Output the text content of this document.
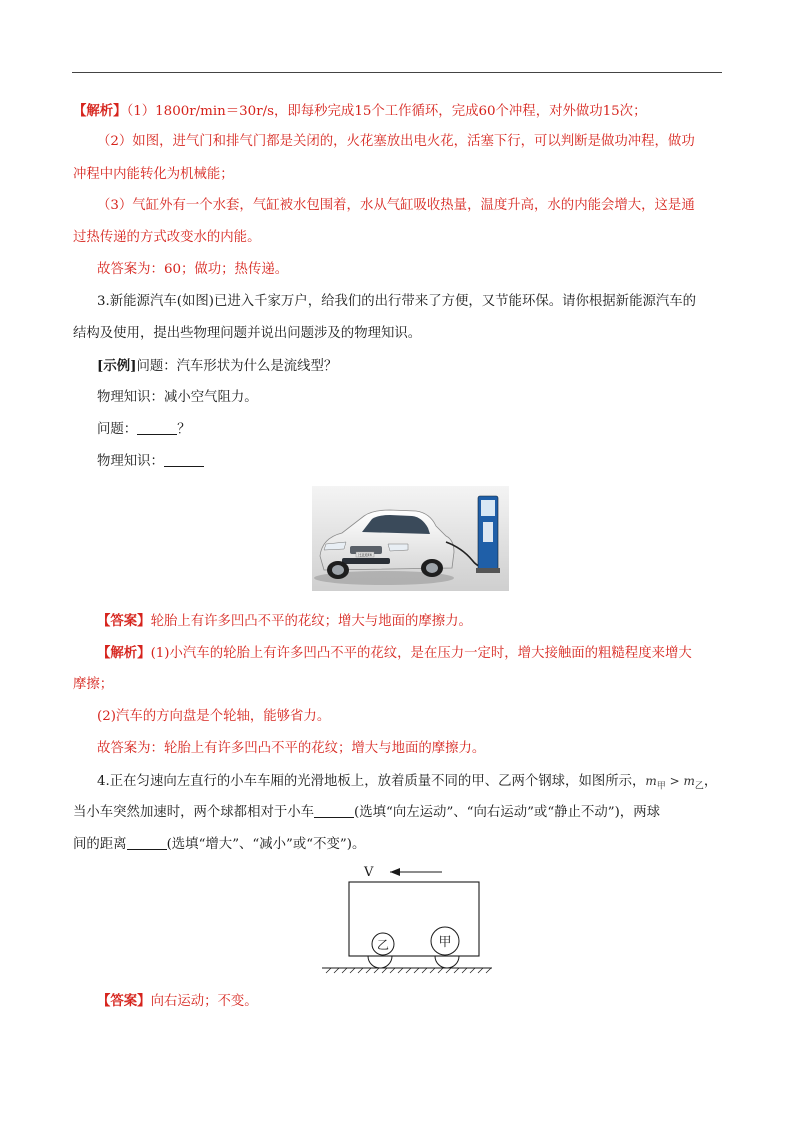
【解析】（1）1800r/min＝30r/s，即每秒完成15个工作循环，完成60个冲程，对外做功15次；
（2）如图，进气门和排气门都是关闭的，火花塞放出电火花，活塞下行，可以判断是做功冲程，做功
冲程中内能转化为机械能；
（3）气缸外有一个水套，气缸被水包围着，水从气缸吸收热量，温度升高，水的内能会增大，这是通
过热传递的方式改变水的内能。
故答案为：60；做功；热传递。
3.新能源汽车(如图)已进入千家万户，给我们的出行带来了方便，又节能环保。请你根据新能源汽车的
结构及使用，提出些物理问题并说出问题涉及的物理知识。
[示例]问题：汽车形状为什么是流线型？
物理知识：减小空气阻力。
问题：	？
物理知识：
比亚迪E6
【答案】轮胎上有许多凹凸不平的花纹；增大与地面的摩擦力。
【解析】(1)小汽车的轮胎上有许多凹凸不平的花纹，是在压力一定时，增大接触面的粗糙程度来增大
摩擦；
(2)汽车的方向盘是个轮轴，能够省力。
故答案为：轮胎上有许多凹凸不平的花纹；增大与地面的摩擦力。
4.正在匀速向左直行的小车车厢的光滑地板上，放着质量不同的甲、乙两个钢球，如图所示，$m_甲 > m_乙$，
当小车突然加速时，两个球都相对于小车	(选填“向左运动”、“向右运动”或“静止不动”)，两球
间的距离	(选填“增大”、“减小”或“不变”)。
V
乙	甲
【答案】向右运动；不变。
